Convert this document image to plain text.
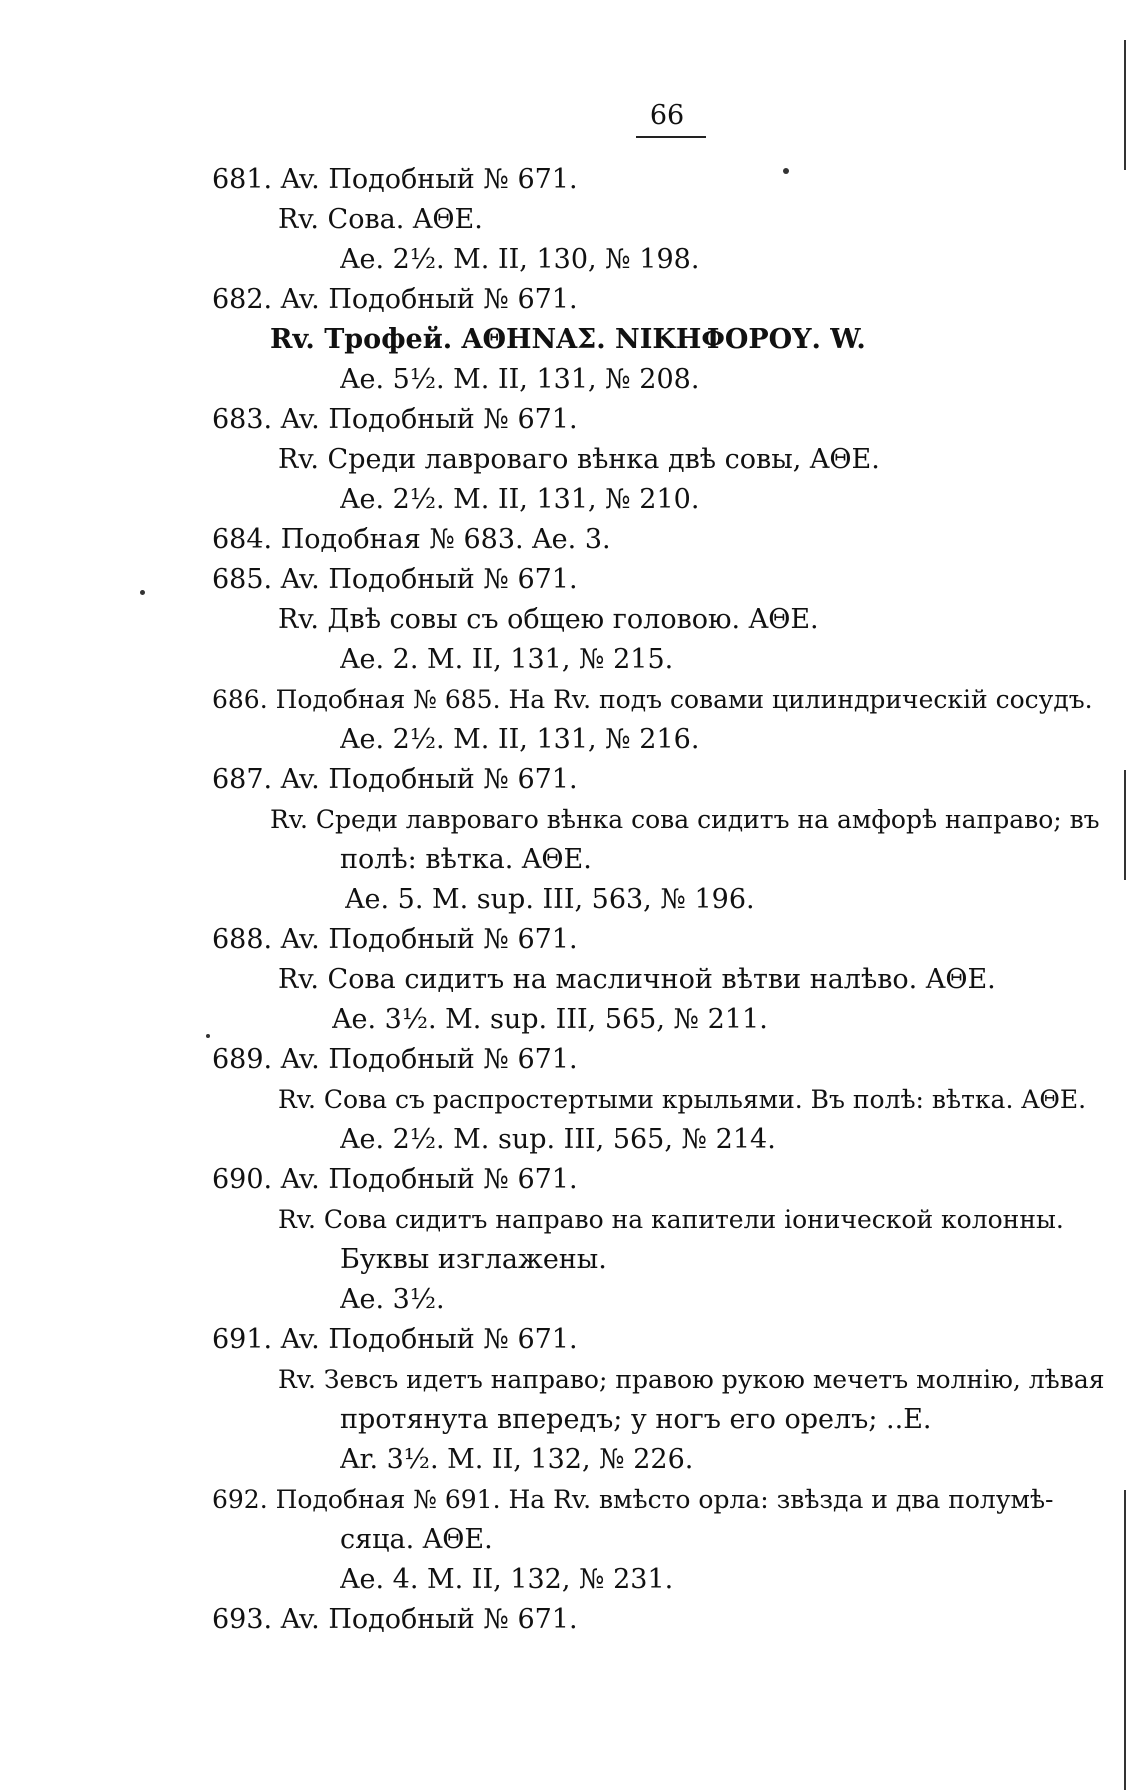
66
681. Av. Подобный № 671.
Rv. Сова. ΑΘΕ.
Ae. 2½. M. II, 130, № 198.
682. Av. Подобный № 671.
Rv. Трофей. ΑΘΗΝΑΣ. ΝΙΚΗΦΟΡΟΥ. W.
Ae. 5½. M. II, 131, № 208.
683. Av. Подобный № 671.
Rv. Среди лавроваго вѣнка двѣ совы, ΑΘΕ.
Ae. 2½. M. II, 131, № 210.
684. Подобная № 683. Ae. 3.
685. Av. Подобный № 671.
Rv. Двѣ совы съ общею головою. ΑΘΕ.
Ae. 2. M. II, 131, № 215.
686. Подобная № 685. На Rv. подъ совами цилиндрическій сосудъ.
Ae. 2½. M. II, 131, № 216.
687. Av. Подобный № 671.
Rv. Среди лавроваго вѣнка сова сидитъ на амфорѣ направо; въ
полѣ: вѣтка. ΑΘΕ.
Ae. 5. M. sup. III, 563, № 196.
688. Av. Подобный № 671.
Rv. Сова сидитъ на масличной вѣтви налѣво. ΑΘΕ.
Ae. 3½. M. sup. III, 565, № 211.
689. Av. Подобный № 671.
Rv. Сова съ распростертыми крыльями. Въ полѣ: вѣтка. ΑΘΕ.
Ae. 2½. M. sup. III, 565, № 214.
690. Av. Подобный № 671.
Rv. Сова сидитъ направо на капители іонической колонны.
Буквы изглажены.
Ae. 3½.
691. Av. Подобный № 671.
Rv. Зевсъ идетъ направо; правою рукою мечетъ молнію, лѣвая
протянута впередъ; у ногъ его орелъ; ..E.
Ar. 3½. M. II, 132, № 226.
692. Подобная № 691. На Rv. вмѣсто орла: звѣзда и два полумѣ-
сяца. ΑΘΕ.
Ae. 4. M. II, 132, № 231.
693. Av. Подобный № 671.
